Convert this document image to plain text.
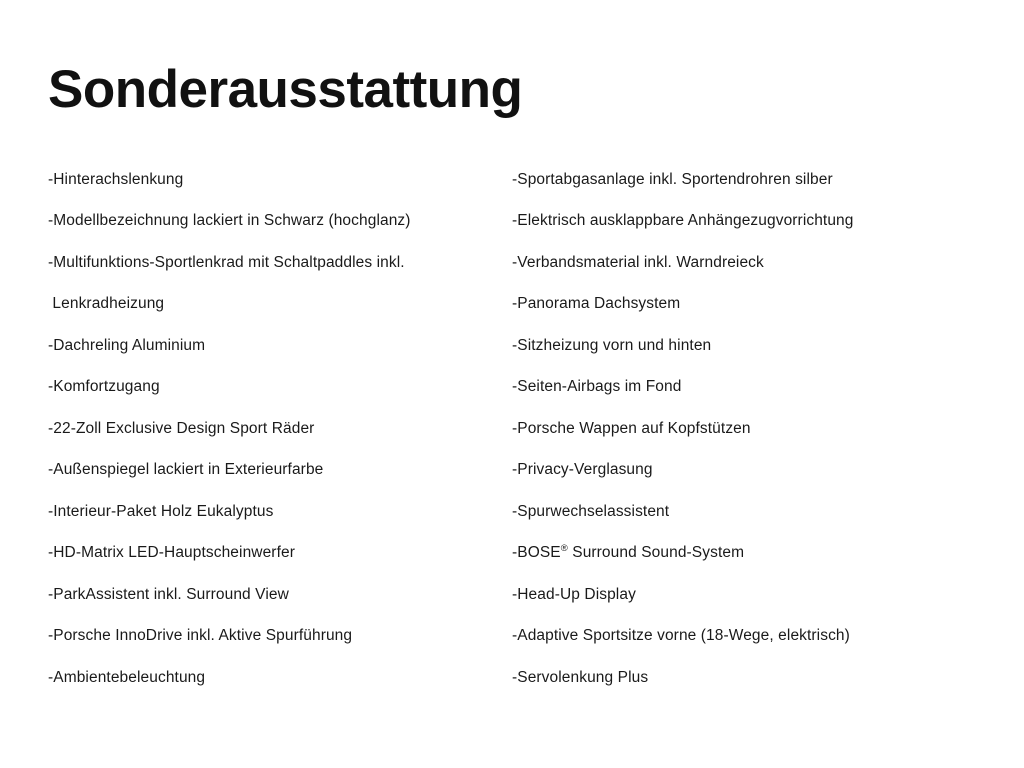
Sonderausstattung
-Hinterachslenkung
-Modellbezeichnung lackiert in Schwarz (hochglanz)
-Multifunktions-Sportlenkrad mit Schaltpaddles inkl.
Lenkradheizung
-Dachreling Aluminium
-Komfortzugang
-22-Zoll Exclusive Design Sport Räder
-Außenspiegel lackiert in Exterieurfarbe
-Interieur-Paket Holz Eukalyptus
-HD-Matrix LED-Hauptscheinwerfer
-ParkAssistent inkl. Surround View
-Porsche InnoDrive inkl. Aktive Spurführung
-Ambientebeleuchtung
-Sportabgasanlage inkl. Sportendrohren silber
-Elektrisch ausklappbare Anhängezugvorrichtung
-Verbandsmaterial inkl. Warndreieck
-Panorama Dachsystem
-Sitzheizung vorn und hinten
-Seiten-Airbags im Fond
-Porsche Wappen auf Kopfstützen
-Privacy-Verglasung
-Spurwechselassistent
-BOSE® Surround Sound-System
-Head-Up Display
-Adaptive Sportsitze vorne (18-Wege, elektrisch)
-Servolenkung Plus
